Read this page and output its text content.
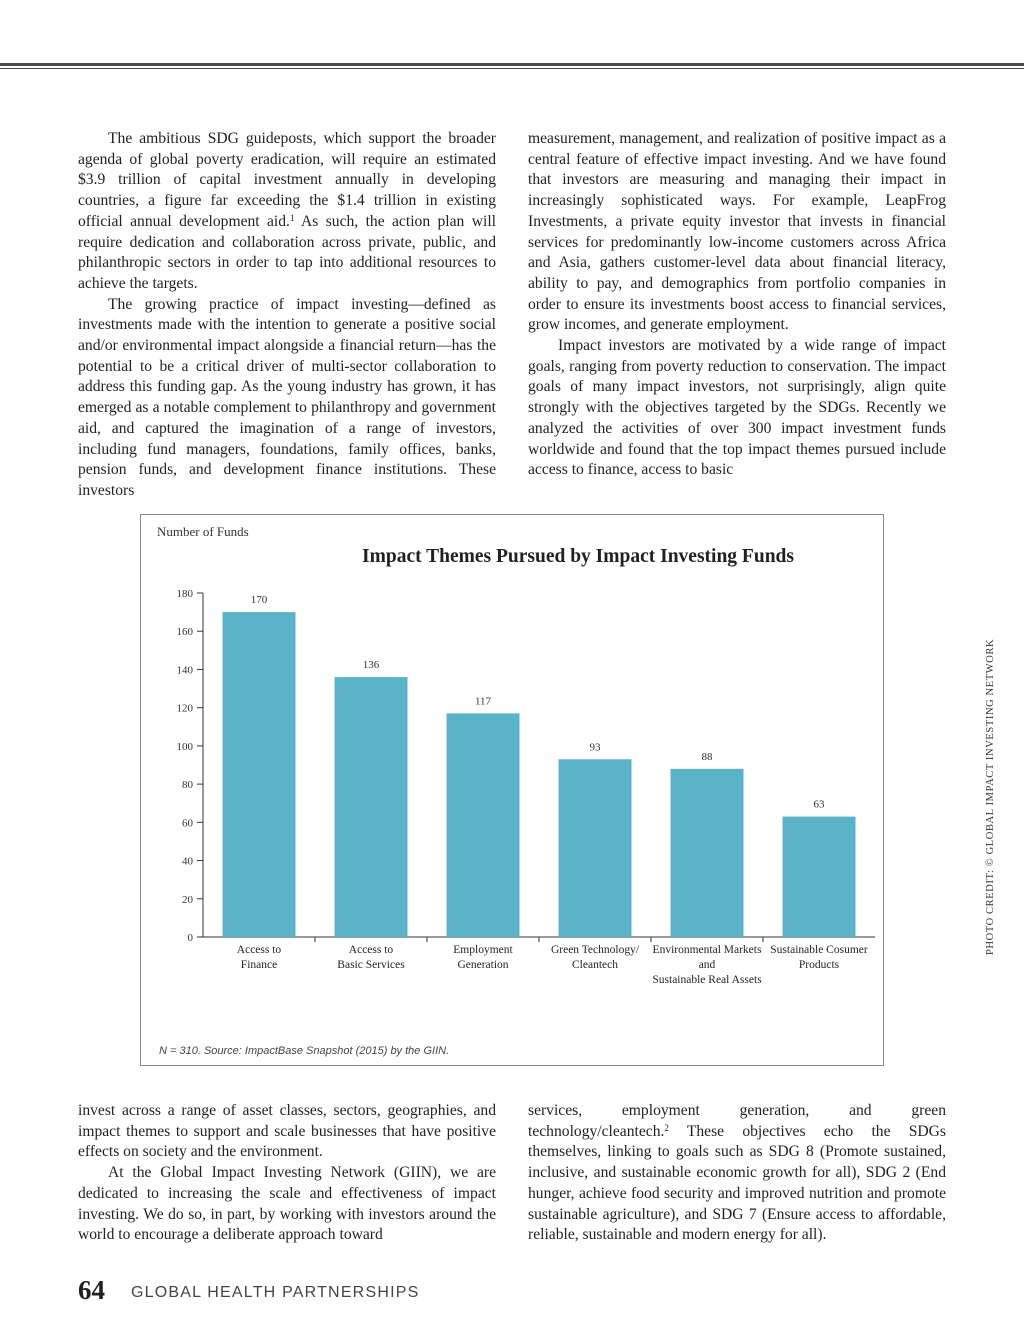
The ambitious SDG guideposts, which support the broader agenda of global poverty eradication, will require an estimated $3.9 trillion of capital investment annually in developing countries, a figure far exceeding the $1.4 trillion in existing official annual development aid.$^1$ As such, the action plan will require dedication and collaboration across private, public, and philanthropic sectors in order to tap into additional resources to achieve the targets.

The growing practice of impact investing—defined as investments made with the intention to generate a positive social and/or environmental impact alongside a financial return—has the potential to be a critical driver of multi-sector collaboration to address this funding gap. As the young industry has grown, it has emerged as a notable complement to philanthropy and government aid, and captured the imagination of a range of investors, including fund managers, foundations, family offices, banks, pension funds, and development finance institutions. These investors

measurement, management, and realization of positive impact as a central feature of effective impact investing. And we have found that investors are measuring and managing their impact in increasingly sophisticated ways. For example, LeapFrog Investments, a private equity investor that invests in financial services for predominantly low-income customers across Africa and Asia, gathers customer-level data about financial literacy, ability to pay, and demographics from portfolio companies in order to ensure its investments boost access to financial services, grow incomes, and generate employment.

Impact investors are motivated by a wide range of impact goals, ranging from poverty reduction to conservation. The impact goals of many impact investors, not surprisingly, align quite strongly with the objectives targeted by the SDGs. Recently we analyzed the activities of over 300 impact investment funds worldwide and found that the top impact themes pursued include access to finance, access to basic

Number of Funds
Impact Themes Pursued by Impact Investing Funds
0
20
40
60
80
100
120
140
160
180
170
Access to
Finance
136
Access to
Basic Services
117
Employment
Generation
93
Green Technology/
Cleantech
88
Environmental Markets
and
Sustainable Real Assets
63
Sustainable Cosumer
Products
N = 310. Source: ImpactBase Snapshot (2015) by the GIIN.

invest across a range of asset classes, sectors, geographies, and impact themes to support and scale businesses that have positive effects on society and the environment.

At the Global Impact Investing Network (GIIN), we are dedicated to increasing the scale and effectiveness of impact investing. We do so, in part, by working with investors around the world to encourage a deliberate approach toward

services, employment generation, and green technology/cleantech.$^2$ These objectives echo the SDGs themselves, linking to goals such as SDG 8 (Promote sustained, inclusive, and sustainable economic growth for all), SDG 2 (End hunger, achieve food security and improved nutrition and promote sustainable agriculture), and SDG 7 (Ensure access to affordable, reliable, sustainable and modern energy for all).

PHOTO CREDIT: © GLOBAL IMPACT INVESTING NETWORK
64 GLOBAL HEALTH PARTNERSHIPS
